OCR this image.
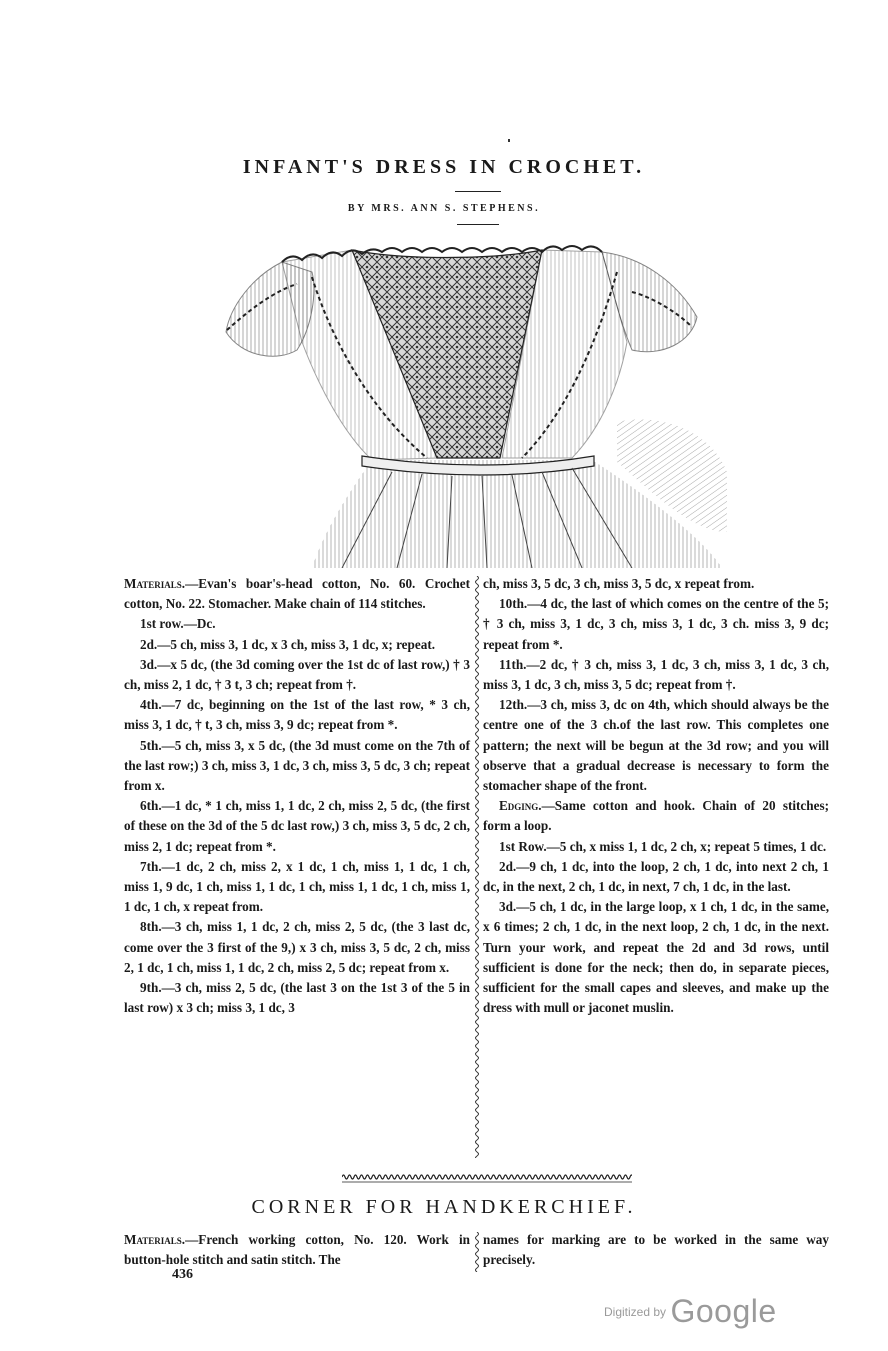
INFANT'S DRESS IN CROCHET.
BY MRS. ANN S. STEPHENS.

Materials.—Evan's boar's-head cotton, No. 60. Crochet cotton, No. 22. Stomacher. Make chain of 114 stitches.

1st row.—Dc.

2d.—5 ch, miss 3, 1 dc, x 3 ch, miss 3, 1 dc, x; repeat.

3d.—x 5 dc, (the 3d coming over the 1st dc of last row,) † 3 ch, miss 2, 1 dc, † 3 t, 3 ch; repeat from †.

4th.—7 dc, beginning on the 1st of the last row, * 3 ch, miss 3, 1 dc, † t, 3 ch, miss 3, 9 dc; repeat from *.

5th.—5 ch, miss 3, x 5 dc, (the 3d must come on the 7th of the last row;) 3 ch, miss 3, 1 dc, 3 ch, miss 3, 5 dc, 3 ch; repeat from x.

6th.—1 dc, * 1 ch, miss 1, 1 dc, 2 ch, miss 2, 5 dc, (the first of these on the 3d of the 5 dc last row,) 3 ch, miss 3, 5 dc, 2 ch, miss 2, 1 dc; repeat from *.

7th.—1 dc, 2 ch, miss 2, x 1 dc, 1 ch, miss 1, 1 dc, 1 ch, miss 1, 9 dc, 1 ch, miss 1, 1 dc, 1 ch, miss 1, 1 dc, 1 ch, miss 1, 1 dc, 1 ch, x repeat from.

8th.—3 ch, miss 1, 1 dc, 2 ch, miss 2, 5 dc, (the 3 last dc, come over the 3 first of the 9,) x 3 ch, miss 3, 5 dc, 2 ch, miss 2, 1 dc, 1 ch, miss 1, 1 dc, 2 ch, miss 2, 5 dc; repeat from x.

9th.—3 ch, miss 2, 5 dc, (the last 3 on the 1st 3 of the 5 in last row) x 3 ch; miss 3, 1 dc, 3

ch, miss 3, 5 dc, 3 ch, miss 3, 5 dc, x repeat from.

10th.—4 dc, the last of which comes on the centre of the 5; † 3 ch, miss 3, 1 dc, 3 ch, miss 3, 1 dc, 3 ch. miss 3, 9 dc; repeat from *.

11th.—2 dc, † 3 ch, miss 3, 1 dc, 3 ch, miss 3, 1 dc, 3 ch, miss 3, 1 dc, 3 ch, miss 3, 5 dc; repeat from †.

12th.—3 ch, miss 3, dc on 4th, which should always be the centre one of the 3 ch.of the last row. This completes one pattern; the next will be begun at the 3d row; and you will observe that a gradual decrease is necessary to form the stomacher shape of the front.

Edging.—Same cotton and hook. Chain of 20 stitches; form a loop.

1st Row.—5 ch, x miss 1, 1 dc, 2 ch, x; repeat 5 times, 1 dc.

2d.—9 ch, 1 dc, into the loop, 2 ch, 1 dc, into next 2 ch, 1 dc, in the next, 2 ch, 1 dc, in next, 7 ch, 1 dc, in the last.

3d.—5 ch, 1 dc, in the large loop, x 1 ch, 1 dc, in the same, x 6 times; 2 ch, 1 dc, in the next loop, 2 ch, 1 dc, in the next. Turn your work, and repeat the 2d and 3d rows, until sufficient is done for the neck; then do, in separate pieces, sufficient for the small capes and sleeves, and make up the dress with mull or jaconet muslin.

CORNER FOR HANDKERCHIEF.

Materials.—French working cotton, No. 120. Work in button-hole stitch and satin stitch. The

names for marking are to be worked in the same way precisely.

436
$^{Digitized by}$ Google
